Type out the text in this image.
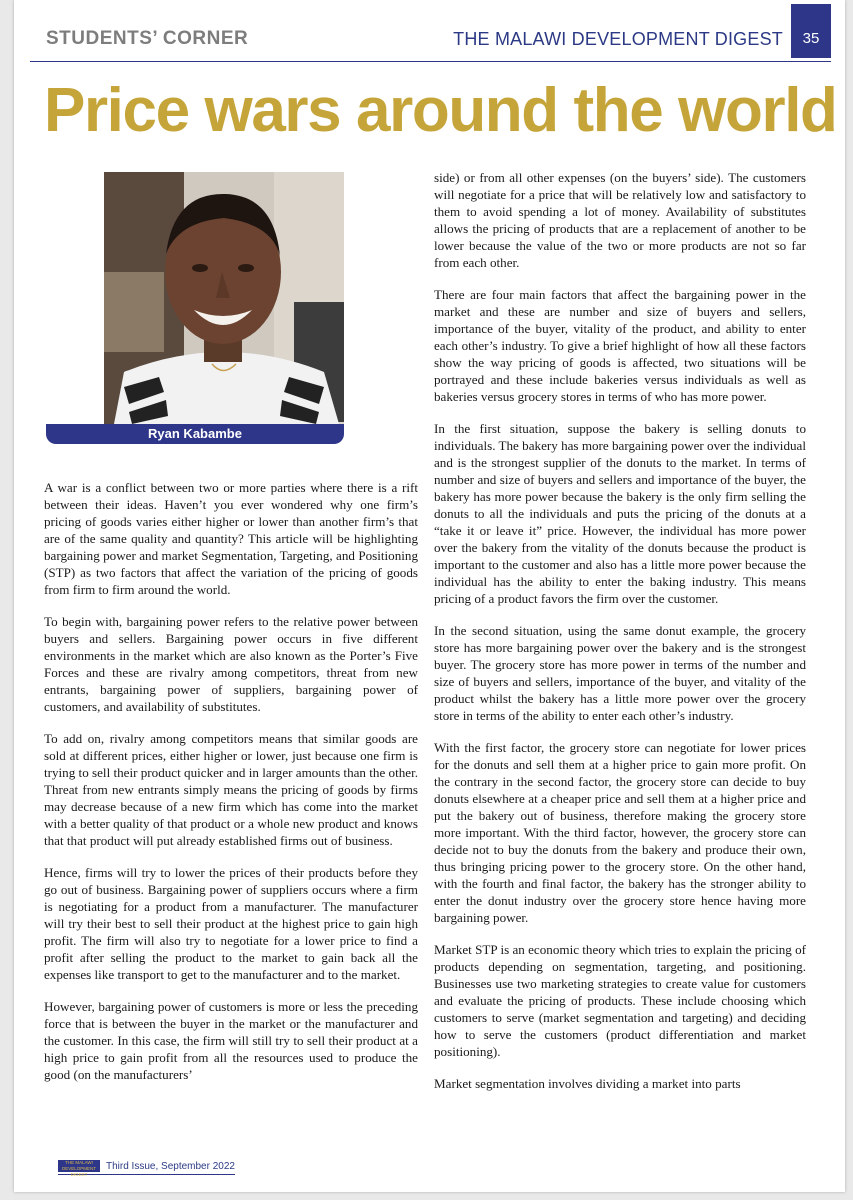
STUDENTS’ CORNER	THE MALAWI DEVELOPMENT DIGEST	35
Price wars around the world
Ryan Kabambe

A war is a conflict between two or more parties where there is a rift between their ideas. Haven’t you ever wondered why one firm’s pricing of goods varies either higher or lower than another firm’s that are of the same quality and quantity? This article will be highlighting bargaining power and market Segmentation, Targeting, and Positioning (STP) as two factors that affect the variation of the pricing of goods from firm to firm around the world.

To begin with, bargaining power refers to the relative power between buyers and sellers. Bargaining power occurs in five different environments in the market which are also known as the Porter’s Five Forces and these are rivalry among competitors, threat from new entrants, bargaining power of suppliers, bargaining power of customers, and availability of substitutes.

To add on, rivalry among competitors means that similar goods are sold at different prices, either higher or lower, just because one firm is trying to sell their product quicker and in larger amounts than the other. Threat from new entrants simply means the pricing of goods by firms may decrease because of a new firm which has come into the market with a better quality of that product or a whole new product and knows that that product will put already established firms out of business.

Hence, firms will try to lower the prices of their products before they go out of business. Bargaining power of suppliers occurs where a firm is negotiating for a product from a manufacturer. The manufacturer will try their best to sell their product at the highest price to gain high profit. The firm will also try to negotiate for a lower price to find a profit after selling the product to the market to gain back all the expenses like transport to get to the manufacturer and to the market.

However, bargaining power of customers is more or less the preceding force that is between the buyer in the market or the manufacturer and the customer. In this case, the firm will still try to sell their product at a high price to gain profit from all the resources used to produce the good (on the manufacturers’

side) or from all other expenses (on the buyers’ side). The customers will negotiate for a price that will be relatively low and satisfactory to them to avoid spending a lot of money. Availability of substitutes allows the pricing of products that are a replacement of another to be lower because the value of the two or more products are not so far from each other.

There are four main factors that affect the bargaining power in the market and these are number and size of buyers and sellers, importance of the buyer, vitality of the product, and ability to enter each other’s industry. To give a brief highlight of how all these factors show the way pricing of goods is affected, two situations will be portrayed and these include bakeries versus individuals as well as bakeries versus grocery stores in terms of who has more power.

In the first situation, suppose the bakery is selling donuts to individuals. The bakery has more bargaining power over the individual and is the strongest supplier of the donuts to the market. In terms of number and size of buyers and sellers and importance of the buyer, the bakery has more power because the bakery is the only firm selling the donuts to all the individuals and puts the pricing of the donuts at a “take it or leave it” price. However, the individual has more power over the bakery from the vitality of the donuts because the product is important to the customer and also has a little more power because the individual has the ability to enter the baking industry. This means pricing of a product favors the firm over the customer.

In the second situation, using the same donut example, the grocery store has more bargaining power over the bakery and is the strongest buyer. The grocery store has more power in terms of the number and size of buyers and sellers, importance of the buyer, and vitality of the product whilst the bakery has a little more power over the grocery store in terms of the ability to enter each other’s industry.

With the first factor, the grocery store can negotiate for lower prices for the donuts and sell them at a higher price to gain more profit. On the contrary in the second factor, the grocery store can decide to buy donuts elsewhere at a cheaper price and sell them at a higher price and put the bakery out of business, therefore making the grocery store more important. With the third factor, however, the grocery store can decide not to buy the donuts from the bakery and produce their own, thus bringing pricing power to the grocery store. On the other hand, with the fourth and final factor, the bakery has the stronger ability to enter the donut industry over the grocery store hence having more bargaining power.

Market STP is an economic theory which tries to explain the pricing of products depending on segmentation, targeting, and positioning. Businesses use two marketing strategies to create value for customers and evaluate the pricing of products. These include choosing which customers to serve (market segmentation and targeting) and deciding how to serve the customers (product differentiation and market positioning).

Market segmentation involves dividing a market into parts

THE MALAWI DEVELOPMENT DIGEST
Third Issue, September 2022
